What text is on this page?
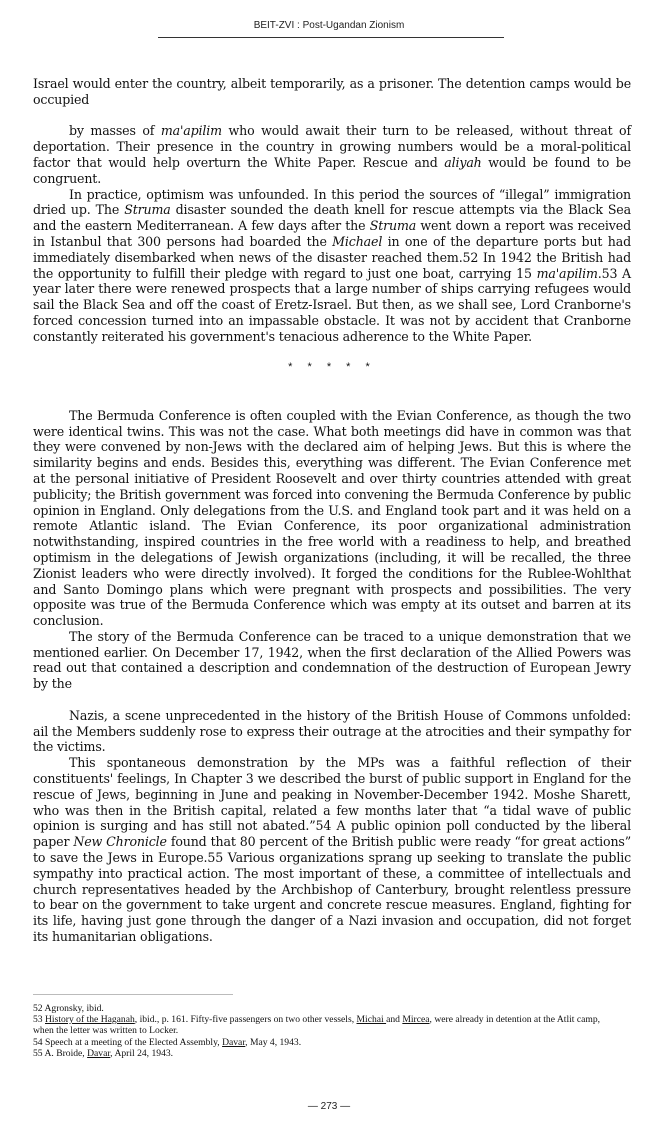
BEIT-ZVI : Post-Ugandan Zionism

Israel would enter the country, albeit temporarily, as a prisoner. The detention camps would be occupied

by masses of ma'apilim who would await their turn to be released, without threat of deportation. Their presence in the country in growing numbers would be a moral-political factor that would help overturn the White Paper. Rescue and aliyah would be found to be congruent.

In practice, optimism was unfounded. In this period the sources of “illegal” immigration dried up. The Struma disaster sounded the death knell for rescue attempts via the Black Sea and the eastern Mediterranean. A few days after the Struma went down a report was received in Istanbul that 300 persons had boarded the Michael in one of the departure ports but had immediately disembarked when news of the disaster reached them.52 In 1942 the British had the opportunity to fulfill their pledge with regard to just one boat, carrying 15 ma'apilim.53 A year later there were renewed prospects that a large number of ships carrying refugees would sail the Black Sea and off the coast of Eretz-Israel. But then, as we shall see, Lord Cranborne's forced concession turned into an impassable obstacle. It was not by accident that Cranborne constantly reiterated his government's tenacious adherence to the White Paper.

* * * * *

The Bermuda Conference is often coupled with the Evian Conference, as though the two were identical twins. This was not the case. What both meetings did have in common was that they were convened by non-Jews with the declared aim of helping Jews. But this is where the similarity begins and ends. Besides this, everything was different. The Evian Conference met at the personal initiative of President Roosevelt and over thirty countries attended with great publicity; the British government was forced into convening the Bermuda Conference by public opinion in England. Only delegations from the U.S. and England took part and it was held on a remote Atlantic island. The Evian Conference, its poor organizational administration notwithstanding, inspired countries in the free world with a readiness to help, and breathed optimism in the delegations of Jewish organizations (including, it will be recalled, the three Zionist leaders who were directly involved). It forged the conditions for the Rublee-Wohlthat and Santo Domingo plans which were pregnant with prospects and possibilities. The very opposite was true of the Bermuda Conference which was empty at its outset and barren at its conclusion.

The story of the Bermuda Conference can be traced to a unique demonstration that we mentioned earlier. On December 17, 1942, when the first declaration of the Allied Powers was read out that contained a description and condemnation of the destruction of European Jewry by the

Nazis, a scene unprecedented in the history of the British House of Commons unfolded: ail the Members suddenly rose to express their outrage at the atrocities and their sympathy for the victims.

This spontaneous demonstration by the MPs was a faithful reflection of their constituents' feelings, In Chapter 3 we described the burst of public support in England for the rescue of Jews, beginning in June and peaking in November-December 1942. Moshe Sharett, who was then in the British capital, related a few months later that “a tidal wave of public opinion is surging and has still not abated.”54 A public opinion poll conducted by the liberal paper New Chronicle found that 80 percent of the British public were ready “for great actions” to save the Jews in Europe.55 Various organizations sprang up seeking to translate the public sympathy into practical action. The most important of these, a committee of intellectuals and church representatives headed by the Archbishop of Canterbury, brought relentless pressure to bear on the government to take urgent and concrete rescue measures. England, fighting for its life, having just gone through the danger of a Nazi invasion and occupation, did not forget its humanitarian obligations.

52 Agronsky, ibid.

53 History of the Haganah, ibid., p. 161. Fifty-five passengers on two other vessels, Michai and Mircea, were already in detention at the Atlit camp, when the letter was written to Locker.

54 Speech at a meeting of the Elected Assembly, Davar, May 4, 1943.

55 A. Broide, Davar, April 24, 1943.

— 273 —
